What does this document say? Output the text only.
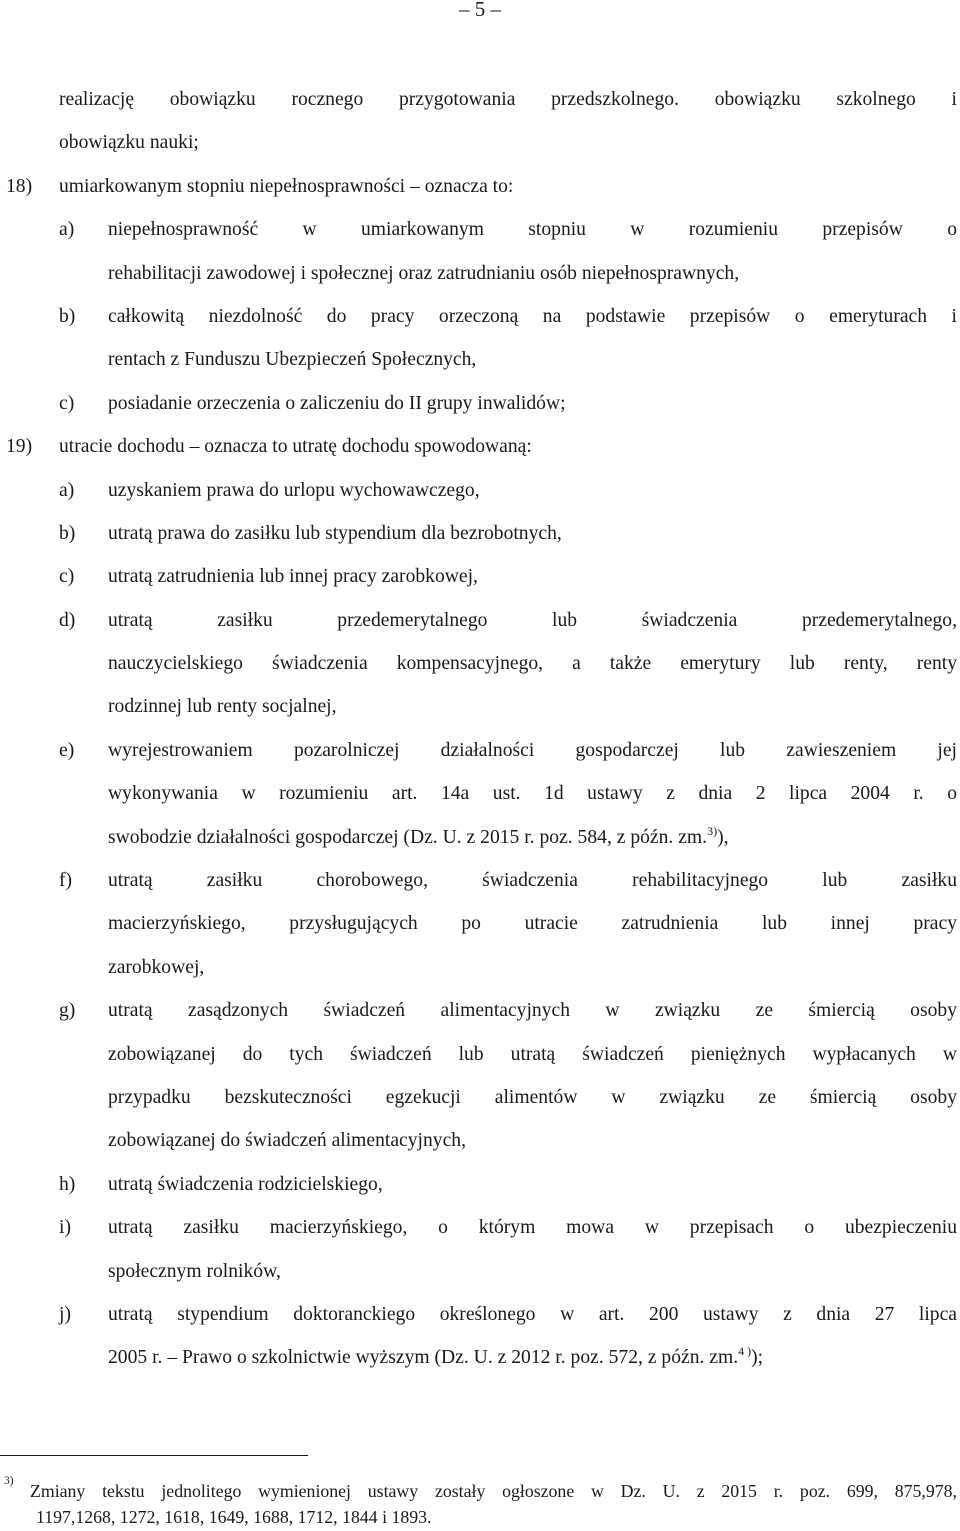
– 5 –
realizację obowiązku rocznego przygotowania przedszkolnego. obowiązku szkolnego i
obowiązku nauki;
18) umiarkowanym stopniu niepełnosprawności – oznacza to:
a) niepełnosprawność w umiarkowanym stopniu w rozumieniu przepisów o
rehabilitacji zawodowej i społecznej oraz zatrudnianiu osób niepełnosprawnych,
b) całkowitą niezdolność do pracy orzeczoną na podstawie przepisów o emeryturach i
rentach z Funduszu Ubezpieczeń Społecznych,
c) posiadanie orzeczenia o zaliczeniu do II grupy inwalidów;
19) utracie dochodu – oznacza to utratę dochodu spowodowaną:
a) uzyskaniem prawa do urlopu wychowawczego,
b) utratą prawa do zasiłku lub stypendium dla bezrobotnych,
c) utratą zatrudnienia lub innej pracy zarobkowej,
d) utratą zasiłku przedemerytalnego lub świadczenia przedemerytalnego,
nauczycielskiego świadczenia kompensacyjnego, a także emerytury lub renty, renty
rodzinnej lub renty socjalnej,
e) wyrejestrowaniem pozarolniczej działalności gospodarczej lub zawieszeniem jej
wykonywania w rozumieniu art. 14a ust. 1d ustawy z dnia 2 lipca 2004 r. o
swobodzie działalności gospodarczej (Dz. U. z 2015 r. poz. 584, z późn. zm.$^{3)}$),
f) utratą zasiłku chorobowego, świadczenia rehabilitacyjnego lub zasiłku
macierzyńskiego, przysługujących po utracie zatrudnienia lub innej pracy
zarobkowej,
g) utratą zasądzonych świadczeń alimentacyjnych w związku ze śmiercią osoby
zobowiązanej do tych świadczeń lub utratą świadczeń pieniężnych wypłacanych w
przypadku bezskuteczności egzekucji alimentów w związku ze śmiercią osoby
zobowiązanej do świadczeń alimentacyjnych,
h) utratą świadczenia rodzicielskiego,
i) utratą zasiłku macierzyńskiego, o którym mowa w przepisach o ubezpieczeniu
społecznym rolników,
j) utratą stypendium doktoranckiego określonego w art. 200 ustawy z dnia 27 lipca
2005 r. – Prawo o szkolnictwie wyższym (Dz. U. z 2012 r. poz. 572, z późn. zm.$^{4 )}$);
3) Zmiany tekstu jednolitego wymienionej ustawy zostały ogłoszone w Dz. U. z 2015 r. poz. 699, 875,978,
1197,1268, 1272, 1618, 1649, 1688, 1712, 1844 i 1893.
